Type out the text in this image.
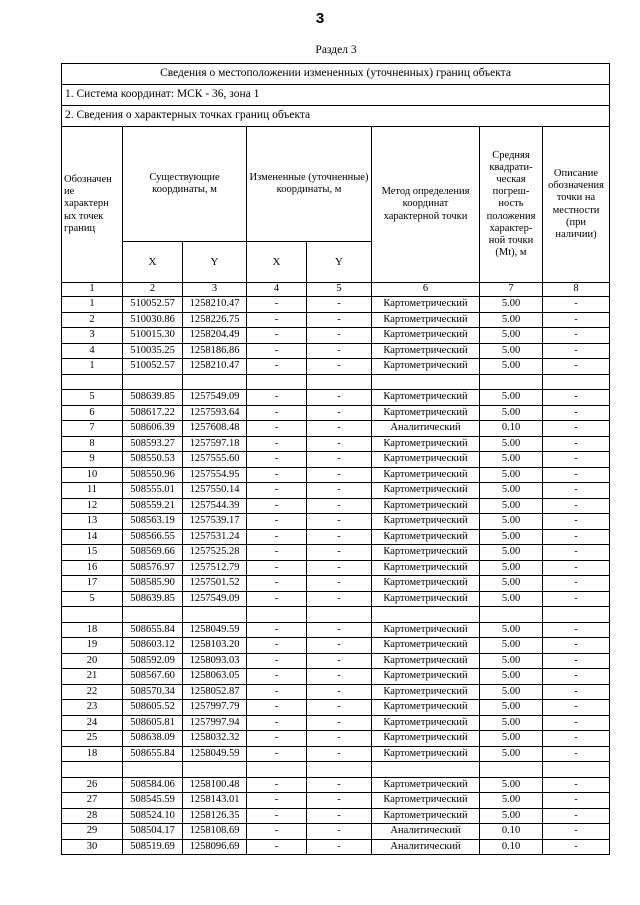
3
Раздел 3
Сведения о местоположении измененных (уточненных) границ объекта							
1. Система координат: МСК - 36, зона 1							
2. Сведения о характерных точках границ объекта							
Обозначен ие характерн ых точек границ	Существующие координаты, м		Измененные (уточненные) координаты, м		Метод определения координат характерной точки	Средняя квадрати-ческая погреш-ность положения характер-ной точки (Mt), м	Описание обозначения точки на местности (при наличии)
	X	Y	X	Y			
1	2	3	4	5	6	7	8
1	510052.57	1258210.47	-	-	Картометрический	5.00	-
2	510030.86	1258226.75	-	-	Картометрический	5.00	-
3	510015.30	1258204.49	-	-	Картометрический	5.00	-
4	510035.25	1258186.86	-	-	Картометрический	5.00	-
1	510052.57	1258210.47	-	-	Картометрический	5.00	-

5	508639.85	1257549.09	-	-	Картометрический	5.00	-
6	508617.22	1257593.64	-	-	Картометрический	5.00	-
7	508606.39	1257608.48	-	-	Аналитический	0.10	-
8	508593.27	1257597.18	-	-	Картометрический	5.00	-
9	508550.53	1257555.60	-	-	Картометрический	5.00	-
10	508550.96	1257554.95	-	-	Картометрический	5.00	-
11	508555.01	1257550.14	-	-	Картометрический	5.00	-
12	508559.21	1257544.39	-	-	Картометрический	5.00	-
13	508563.19	1257539.17	-	-	Картометрический	5.00	-
14	508566.55	1257531.24	-	-	Картометрический	5.00	-
15	508569.66	1257525.28	-	-	Картометрический	5.00	-
16	508576.97	1257512.79	-	-	Картометрический	5.00	-
17	508585.90	1257501.52	-	-	Картометрический	5.00	-
5	508639.85	1257549.09	-	-	Картометрический	5.00	-

18	508655.84	1258049.59	-	-	Картометрический	5.00	-
19	508603.12	1258103.20	-	-	Картометрический	5.00	-
20	508592.09	1258093.03	-	-	Картометрический	5.00	-
21	508567.60	1258063.05	-	-	Картометрический	5.00	-
22	508570.34	1258052.87	-	-	Картометрический	5.00	-
23	508605.52	1257997.79	-	-	Картометрический	5.00	-
24	508605.81	1257997.94	-	-	Картометрический	5.00	-
25	508638.09	1258032.32	-	-	Картометрический	5.00	-
18	508655.84	1258049.59	-	-	Картометрический	5.00	-

26	508584.06	1258100.48	-	-	Картометрический	5.00	-
27	508545.59	1258143.01	-	-	Картометрический	5.00	-
28	508524.10	1258126.35	-	-	Картометрический	5.00	-
29	508504.17	1258108.69	-	-	Аналитический	0.10	-
30	508519.69	1258096.69	-	-	Аналитический	0.10	-
